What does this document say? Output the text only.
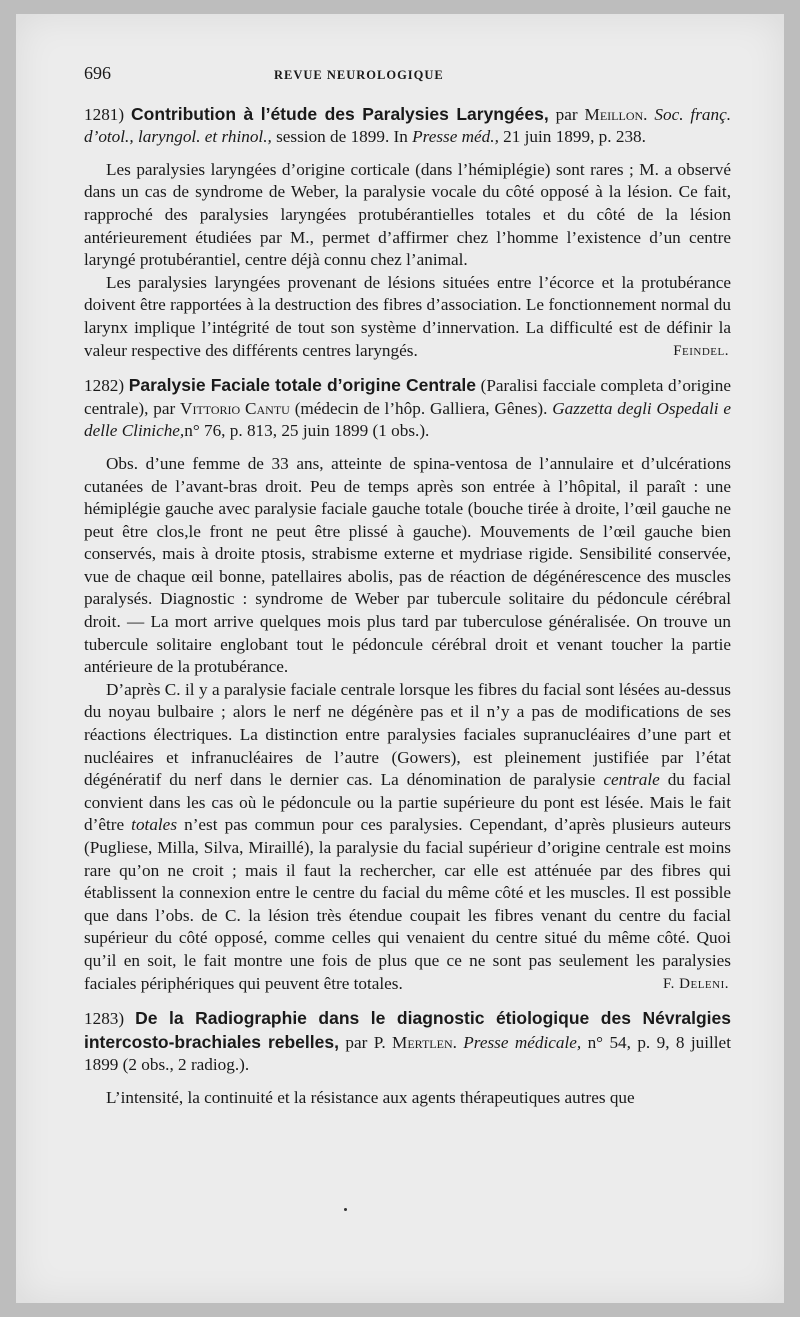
696	REVUE NEUROLOGIQUE

1281) Contribution à l’étude des Paralysies Laryngées, par Meillon. Soc. franç. d’otol., laryngol. et rhinol., session de 1899. In Presse méd., 21 juin 1899, p. 238.

Les paralysies laryngées d’origine corticale (dans l’hémiplégie) sont rares ; M. a observé dans un cas de syndrome de Weber, la paralysie vocale du côté opposé à la lésion. Ce fait, rapproché des paralysies laryngées protubérantielles totales et du côté de la lésion antérieurement étudiées par M., permet d’affirmer chez l’homme l’existence d’un centre laryngé protubérantiel, centre déjà connu chez l’animal.

Les paralysies laryngées provenant de lésions situées entre l’écorce et la protubérance doivent être rapportées à la destruction des fibres d’association. Le fonctionnement normal du larynx implique l’intégrité de tout son système d’innervation. La difficulté est de définir la valeur respective des différents centres laryngés.	Feindel.

1282) Paralysie Faciale totale d’origine Centrale (Paralisi facciale completa d’origine centrale), par Vittorio Cantu (médecin de l’hôp. Galliera, Gênes). Gazzetta degli Ospedali e delle Cliniche,n° 76, p. 813, 25 juin 1899 (1 obs.).

Obs. d’une femme de 33 ans, atteinte de spina-ventosa de l’annulaire et d’ulcérations cutanées de l’avant-bras droit. Peu de temps après son entrée à l’hôpital, il paraît : une hémiplégie gauche avec paralysie faciale gauche totale (bouche tirée à droite, l’œil gauche ne peut être clos,le front ne peut être plissé à gauche). Mouvements de l’œil gauche bien conservés, mais à droite ptosis, strabisme externe et mydriase rigide. Sensibilité conservée, vue de chaque œil bonne, patellaires abolis, pas de réaction de dégénérescence des muscles paralysés. Diagnostic : syndrome de Weber par tubercule solitaire du pédoncule cérébral droit. — La mort arrive quelques mois plus tard par tuberculose généralisée. On trouve un tubercule solitaire englobant tout le pédoncule cérébral droit et venant toucher la partie antérieure de la protubérance.

D’après C. il y a paralysie faciale centrale lorsque les fibres du facial sont lésées au-dessus du noyau bulbaire ; alors le nerf ne dégénère pas et il n’y a pas de modifications de ses réactions électriques. La distinction entre paralysies faciales supranucléaires d’une part et nucléaires et infranucléaires de l’autre (Gowers), est pleinement justifiée par l’état dégénératif du nerf dans le dernier cas. La dénomination de paralysie centrale du facial convient dans les cas où le pédoncule ou la partie supérieure du pont est lésée. Mais le fait d’être totales n’est pas commun pour ces paralysies. Cependant, d’après plusieurs auteurs (Pugliese, Milla, Silva, Miraillé), la paralysie du facial supérieur d’origine centrale est moins rare qu’on ne croit ; mais il faut la rechercher, car elle est atténuée par des fibres qui établissent la connexion entre le centre du facial du même côté et les muscles. Il est possible que dans l’obs. de C. la lésion très étendue coupait les fibres venant du centre du facial supérieur du côté opposé, comme celles qui venaient du centre situé du même côté. Quoi qu’il en soit, le fait montre une fois de plus que ce ne sont pas seulement les paralysies faciales périphériques qui peuvent être totales.	F. Deleni.

1283) De la Radiographie dans le diagnostic étiologique des Névralgies intercosto-brachiales rebelles, par P. Mertlen. Presse médicale, n° 54, p. 9, 8 juillet 1899 (2 obs., 2 radiog.).

L’intensité, la continuité et la résistance aux agents thérapeutiques autres que
